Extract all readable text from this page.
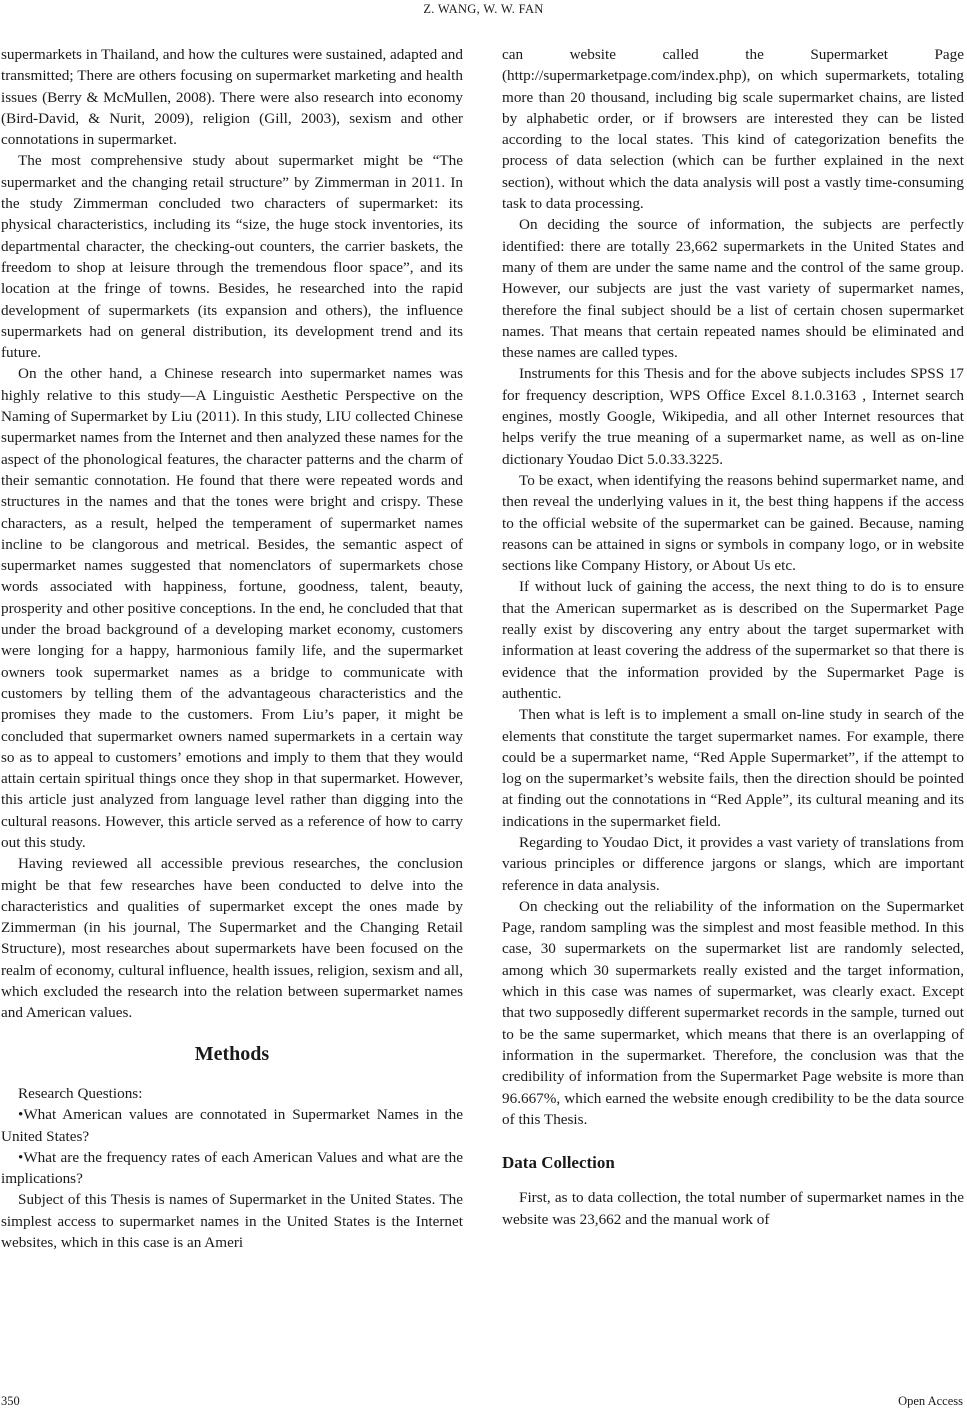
Z. WANG, W. W. FAN

supermarkets in Thailand, and how the cultures were sustained, adapted and transmitted; There are others focusing on supermarket marketing and health issues (Berry & McMullen, 2008). There were also research into economy (Bird-David, & Nurit, 2009), religion (Gill, 2003), sexism and other connotations in supermarket.

The most comprehensive study about supermarket might be “The supermarket and the changing retail structure” by Zimmerman in 2011. In the study Zimmerman concluded two characters of supermarket: its physical characteristics, including its “size, the huge stock inventories, its departmental character, the checking-out counters, the carrier baskets, the freedom to shop at leisure through the tremendous floor space”, and its location at the fringe of towns. Besides, he researched into the rapid development of supermarkets (its expansion and others), the influence supermarkets had on general distribution, its development trend and its future.

On the other hand, a Chinese research into supermarket names was highly relative to this study—A Linguistic Aesthetic Perspective on the Naming of Supermarket by Liu (2011). In this study, LIU collected Chinese supermarket names from the Internet and then analyzed these names for the aspect of the phonological features, the character patterns and the charm of their semantic connotation. He found that there were repeated words and structures in the names and that the tones were bright and crispy. These characters, as a result, helped the temperament of supermarket names incline to be clangorous and metrical. Besides, the semantic aspect of supermarket names suggested that nomenclators of supermarkets chose words associated with happiness, fortune, goodness, talent, beauty, prosperity and other positive conceptions. In the end, he concluded that that under the broad background of a developing market economy, customers were longing for a happy, harmonious family life, and the supermarket owners took supermarket names as a bridge to communicate with customers by telling them of the advantageous characteristics and the promises they made to the customers. From Liu’s paper, it might be concluded that supermarket owners named supermarkets in a certain way so as to appeal to customers’ emotions and imply to them that they would attain certain spiritual things once they shop in that supermarket. However, this article just analyzed from language level rather than digging into the cultural reasons. However, this article served as a reference of how to carry out this study.

Having reviewed all accessible previous researches, the conclusion might be that few researches have been conducted to delve into the characteristics and qualities of supermarket except the ones made by Zimmerman (in his journal, The Supermarket and the Changing Retail Structure), most researches about supermarkets have been focused on the realm of economy, cultural influence, health issues, religion, sexism and all, which excluded the research into the relation between supermarket names and American values.

Methods

Research Questions:

•What American values are connotated in Supermarket Names in the United States?

•What are the frequency rates of each American Values and what are the implications?

Subject of this Thesis is names of Supermarket in the United States. The simplest access to supermarket names in the United States is the Internet websites, which in this case is an Ameri

can website called the Supermarket Page (http://supermarketpage.com/index.php), on which supermarkets, totaling more than 20 thousand, including big scale supermarket chains, are listed by alphabetic order, or if browsers are interested they can be listed according to the local states. This kind of categorization benefits the process of data selection (which can be further explained in the next section), without which the data analysis will post a vastly time-consuming task to data processing.

On deciding the source of information, the subjects are perfectly identified: there are totally 23,662 supermarkets in the United States and many of them are under the same name and the control of the same group. However, our subjects are just the vast variety of supermarket names, therefore the final subject should be a list of certain chosen supermarket names. That means that certain repeated names should be eliminated and these names are called types.

Instruments for this Thesis and for the above subjects includes SPSS 17 for frequency description, WPS Office Excel 8.1.0.3163 , Internet search engines, mostly Google, Wikipedia, and all other Internet resources that helps verify the true meaning of a supermarket name, as well as on-line dictionary Youdao Dict 5.0.33.3225.

To be exact, when identifying the reasons behind supermarket name, and then reveal the underlying values in it, the best thing happens if the access to the official website of the supermarket can be gained. Because, naming reasons can be attained in signs or symbols in company logo, or in website sections like Company History, or About Us etc.

If without luck of gaining the access, the next thing to do is to ensure that the American supermarket as is described on the Supermarket Page really exist by discovering any entry about the target supermarket with information at least covering the address of the supermarket so that there is evidence that the information provided by the Supermarket Page is authentic.

Then what is left is to implement a small on-line study in search of the elements that constitute the target supermarket names. For example, there could be a supermarket name, “Red Apple Supermarket”, if the attempt to log on the supermarket’s website fails, then the direction should be pointed at finding out the connotations in “Red Apple”, its cultural meaning and its indications in the supermarket field.

Regarding to Youdao Dict, it provides a vast variety of translations from various principles or difference jargons or slangs, which are important reference in data analysis.

On checking out the reliability of the information on the Supermarket Page, random sampling was the simplest and most feasible method. In this case, 30 supermarkets on the supermarket list are randomly selected, among which 30 supermarkets really existed and the target information, which in this case was names of supermarket, was clearly exact. Except that two supposedly different supermarket records in the sample, turned out to be the same supermarket, which means that there is an overlapping of information in the supermarket. Therefore, the conclusion was that the credibility of information from the Supermarket Page website is more than 96.667%, which earned the website enough credibility to be the data source of this Thesis.

Data Collection

First, as to data collection, the total number of supermarket names in the website was 23,662 and the manual work of

350	Open Access
